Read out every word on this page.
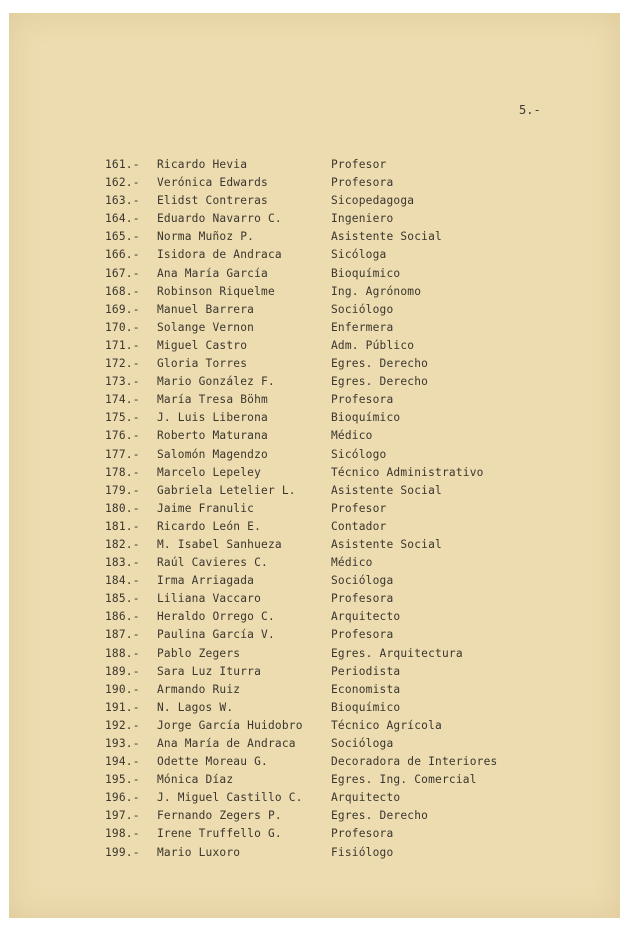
5.-
161.-	Ricardo Hevia	Profesor
162.-	Verónica Edwards	Profesora
163.-	Elidst Contreras	Sicopedagoga
164.-	Eduardo Navarro C.	Ingeniero
165.-	Norma Muñoz P.	Asistente Social
166.-	Isidora de Andraca	Sicóloga
167.-	Ana María García	Bioquímico
168.-	Robinson Riquelme	Ing. Agrónomo
169.-	Manuel Barrera	Sociólogo
170.-	Solange Vernon	Enfermera
171.-	Miguel Castro	Adm. Público
172.-	Gloria Torres	Egres. Derecho
173.-	Mario González F.	Egres. Derecho
174.-	María Tresa Böhm	Profesora
175.-	J. Luis Liberona	Bioquímico
176.-	Roberto Maturana	Médico
177.-	Salomón Magendzo	Sicólogo
178.-	Marcelo Lepeley	Técnico Administrativo
179.-	Gabriela Letelier L.	Asistente Social
180.-	Jaime Franulic	Profesor
181.-	Ricardo León E.	Contador
182.-	M. Isabel Sanhueza	Asistente Social
183.-	Raúl Cavieres C.	Médico
184.-	Irma Arriagada	Socióloga
185.-	Liliana Vaccaro	Profesora
186.-	Heraldo Orrego C.	Arquitecto
187.-	Paulina García V.	Profesora
188.-	Pablo Zegers	Egres. Arquitectura
189.-	Sara Luz Iturra	Periodista
190.-	Armando Ruiz	Economista
191.-	N. Lagos W.	Bioquímico
192.-	Jorge García Huidobro	Técnico Agrícola
193.-	Ana María de Andraca	Socióloga
194.-	Odette Moreau G.	Decoradora de Interiores
195.-	Mónica Díaz	Egres. Ing. Comercial
196.-	J. Miguel Castillo C.	Arquitecto
197.-	Fernando Zegers P.	Egres. Derecho
198.-	Irene Truffello G.	Profesora
199.-	Mario Luxoro	Fisiólogo
